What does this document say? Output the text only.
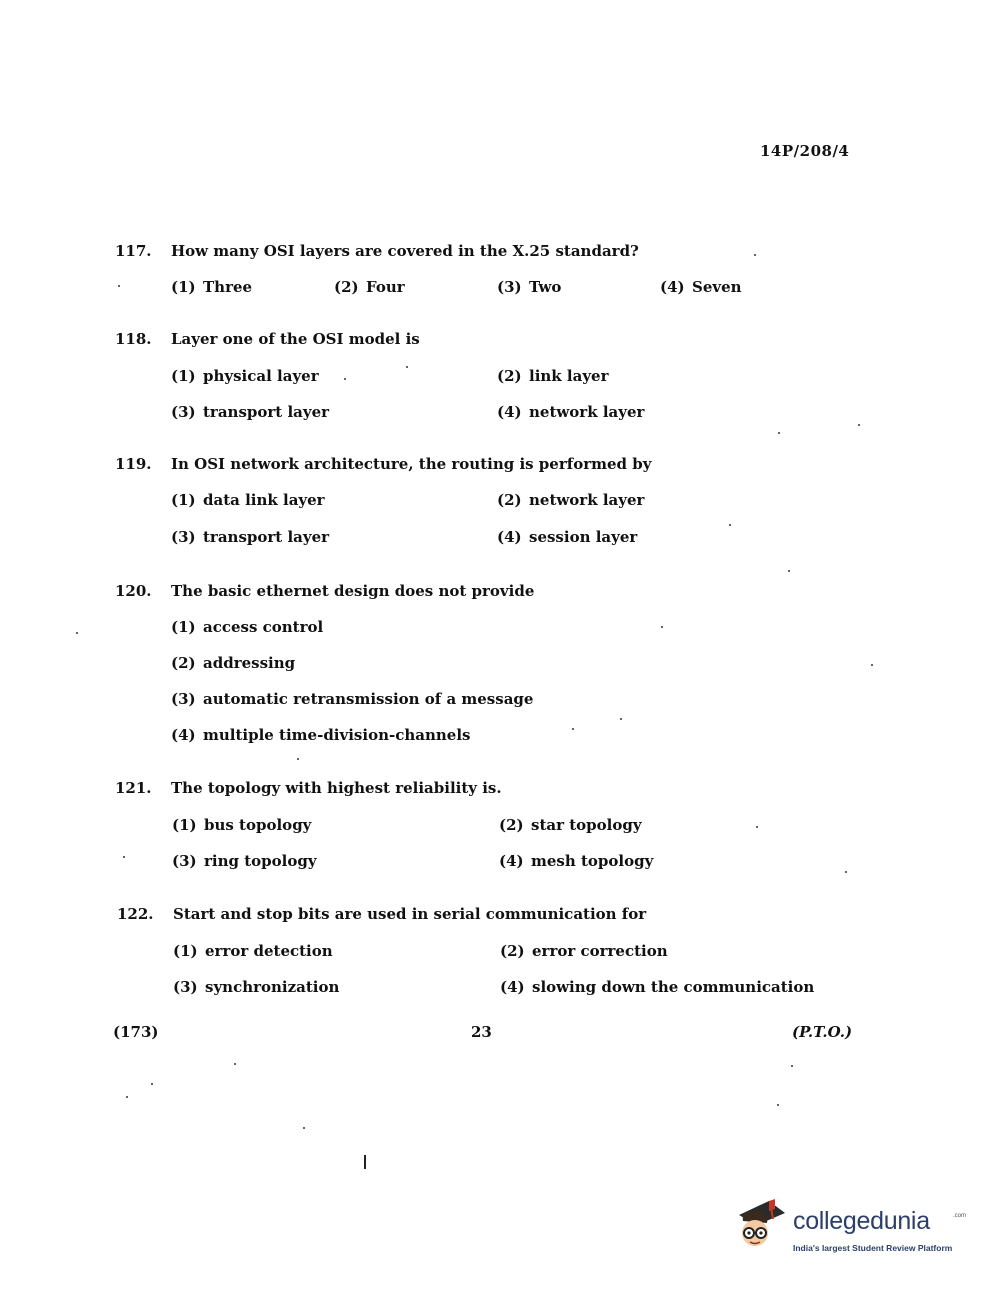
14P/208/4
117. How many OSI layers are covered in the X.25 standard?
(1) Three	(2) Four	(3) Two	(4) Seven
118. Layer one of the OSI model is
(1) physical layer	(2) link layer
(3) transport layer	(4) network layer
119. In OSI network architecture, the routing is performed by
(1) data link layer	(2) network layer
(3) transport layer	(4) session layer
120. The basic ethernet design does not provide
(1) access control
(2) addressing
(3) automatic retransmission of a message
(4) multiple time-division-channels
121. The topology with highest reliability is.
(1) bus topology	(2) star topology
(3) ring topology	(4) mesh topology
122. Start and stop bits are used in serial communication for
(1) error detection	(2) error correction
(3) synchronization	(4) slowing down the communication
(173)	23	(P.T.O.)
collegedunia	.com
India's largest Student Review Platform
